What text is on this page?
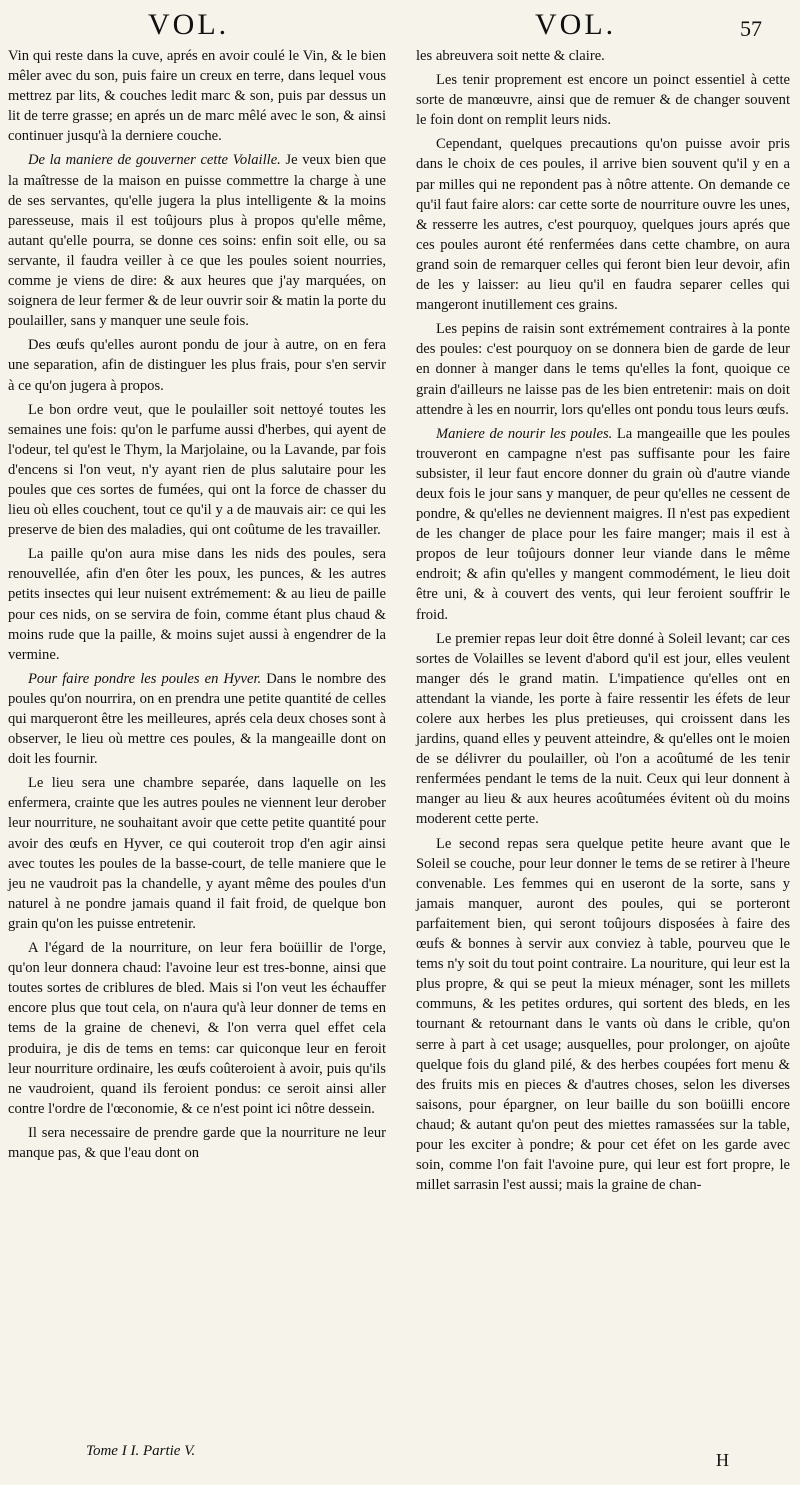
VOL.	VOL.	57

Vin qui reste dans la cuve, aprés en avoir coulé le Vin, & le bien mêler avec du son, puis faire un creux en terre, dans lequel vous mettrez par lits, & couches ledit marc & son, puis par dessus un lit de terre grasse; en aprés un de marc mêlé avec le son, & ainsi continuer jusqu'à la derniere couche.

De la maniere de gouverner cette Volaille. Je veux bien que la maîtresse de la maison en puisse commettre la charge à une de ses servantes, qu'elle jugera la plus intelligente & la moins paresseuse, mais il est toûjours plus à propos qu'elle même, autant qu'elle pourra, se donne ces soins: enfin soit elle, ou sa servante, il faudra veiller à ce que les poules soient nourries, comme je viens de dire: & aux heures que j'ay marquées, on soignera de leur fermer & de leur ouvrir soir & matin la porte du poulailler, sans y manquer une seule fois.

Des œufs qu'elles auront pondu de jour à autre, on en fera une separation, afin de distinguer les plus frais, pour s'en servir à ce qu'on jugera à propos.

Le bon ordre veut, que le poulailler soit nettoyé toutes les semaines une fois: qu'on le parfume aussi d'herbes, qui ayent de l'odeur, tel qu'est le Thym, la Marjolaine, ou la Lavande, par fois d'encens si l'on veut, n'y ayant rien de plus salutaire pour les poules que ces sortes de fumées, qui ont la force de chasser du lieu où elles couchent, tout ce qu'il y a de mauvais air: ce qui les preserve de bien des maladies, qui ont coûtume de les travailler.

La paille qu'on aura mise dans les nids des poules, sera renouvellée, afin d'en ôter les poux, les punces, & les autres petits insectes qui leur nuisent extrémement: & au lieu de paille pour ces nids, on se servira de foin, comme étant plus chaud & moins rude que la paille, & moins sujet aussi à engendrer de la vermine.

Pour faire pondre les poules en Hyver. Dans le nombre des poules qu'on nourrira, on en prendra une petite quantité de celles qui marqueront être les meilleures, aprés cela deux choses sont à observer, le lieu où mettre ces poules, & la mangeaille dont on doit les fournir.

Le lieu sera une chambre separée, dans laquelle on les enfermera, crainte que les autres poules ne viennent leur derober leur nourriture, ne souhaitant avoir que cette petite quantité pour avoir des œufs en Hyver, ce qui couteroit trop d'en agir ainsi avec toutes les poules de la basse-court, de telle maniere que le jeu ne vaudroit pas la chandelle, y ayant même des poules d'un naturel à ne pondre jamais quand il fait froid, de quelque bon grain qu'on les puisse entretenir.

A l'égard de la nourriture, on leur fera boüillir de l'orge, qu'on leur donnera chaud: l'avoine leur est tres-bonne, ainsi que toutes sortes de criblures de bled. Mais si l'on veut les échauffer encore plus que tout cela, on n'aura qu'à leur donner de tems en tems de la graine de chenevi, & l'on verra quel effet cela produira, je dis de tems en tems: car quiconque leur en feroit leur nourriture ordinaire, les œufs coûteroient à avoir, puis qu'ils ne vaudroient, quand ils feroient pondus: ce seroit ainsi aller contre l'ordre de l'œconomie, & ce n'est point ici nôtre dessein.

Il sera necessaire de prendre garde que la nourriture ne leur manque pas, & que l'eau dont on

les abreuvera soit nette & claire.

Les tenir proprement est encore un poinct essentiel à cette sorte de manœuvre, ainsi que de remuer & de changer souvent le foin dont on remplit leurs nids.

Cependant, quelques precautions qu'on puisse avoir pris dans le choix de ces poules, il arrive bien souvent qu'il y en a par milles qui ne repondent pas à nôtre attente. On demande ce qu'il faut faire alors: car cette sorte de nourriture ouvre les unes, & resserre les autres, c'est pourquoy, quelques jours aprés que ces poules auront été renfermées dans cette chambre, on aura grand soin de remarquer celles qui feront bien leur devoir, afin de les y laisser: au lieu qu'il en faudra separer celles qui mangeront inutillement ces grains.

Les pepins de raisin sont extrémement contraires à la ponte des poules: c'est pourquoy on se donnera bien de garde de leur en donner à manger dans le tems qu'elles la font, quoique ce grain d'ailleurs ne laisse pas de les bien entretenir: mais on doit attendre à les en nourrir, lors qu'elles ont pondu tous leurs œufs.

Maniere de nourir les poules. La mangeaille que les poules trouveront en campagne n'est pas suffisante pour les faire subsister, il leur faut encore donner du grain où d'autre viande deux fois le jour sans y manquer, de peur qu'elles ne cessent de pondre, & qu'elles ne deviennent maigres. Il n'est pas expedient de les changer de place pour les faire manger; mais il est à propos de leur toûjours donner leur viande dans le même endroit; & afin qu'elles y mangent commodément, le lieu doit être uni, & à couvert des vents, qui leur feroient souffrir le froid.

Le premier repas leur doit être donné à Soleil levant; car ces sortes de Volailles se levent d'abord qu'il est jour, elles veulent manger dés le grand matin. L'impatience qu'elles ont en attendant la viande, les porte à faire ressentir les éfets de leur colere aux herbes les plus pretieuses, qui croissent dans les jardins, quand elles y peuvent atteindre, & qu'elles ont le moien de se délivrer du poulailler, où l'on a acoûtumé de les tenir renfermées pendant le tems de la nuit. Ceux qui leur donnent à manger au lieu & aux heures acoûtumées évitent où du moins moderent cette perte.

Le second repas sera quelque petite heure avant que le Soleil se couche, pour leur donner le tems de se retirer à l'heure convenable. Les femmes qui en useront de la sorte, sans y jamais manquer, auront des poules, qui se porteront parfaitement bien, qui seront toûjours disposées à faire des œufs & bonnes à servir aux conviez à table, pourveu que le tems n'y soit du tout point contraire. La nouriture, qui leur est la plus propre, & qui se peut la mieux ménager, sont les millets communs, & les petites ordures, qui sortent des bleds, en les tournant & retournant dans le vants où dans le crible, qu'on serre à part à cet usage; ausquelles, pour prolonger, on ajoûte quelque fois du gland pilé, & des herbes coupées fort menu & des fruits mis en pieces & d'autres choses, selon les diverses saisons, pour épargner, on leur baille du son boüilli encore chaud; & autant qu'on peut des miettes ramassées sur la table, pour les exciter à pondre; & pour cet éfet on les garde avec soin, comme l'on fait l'avoine pure, qui leur est fort propre, le millet sarrasin l'est aussi; mais la graine de chan-

Tome I I. Partie V.	H
